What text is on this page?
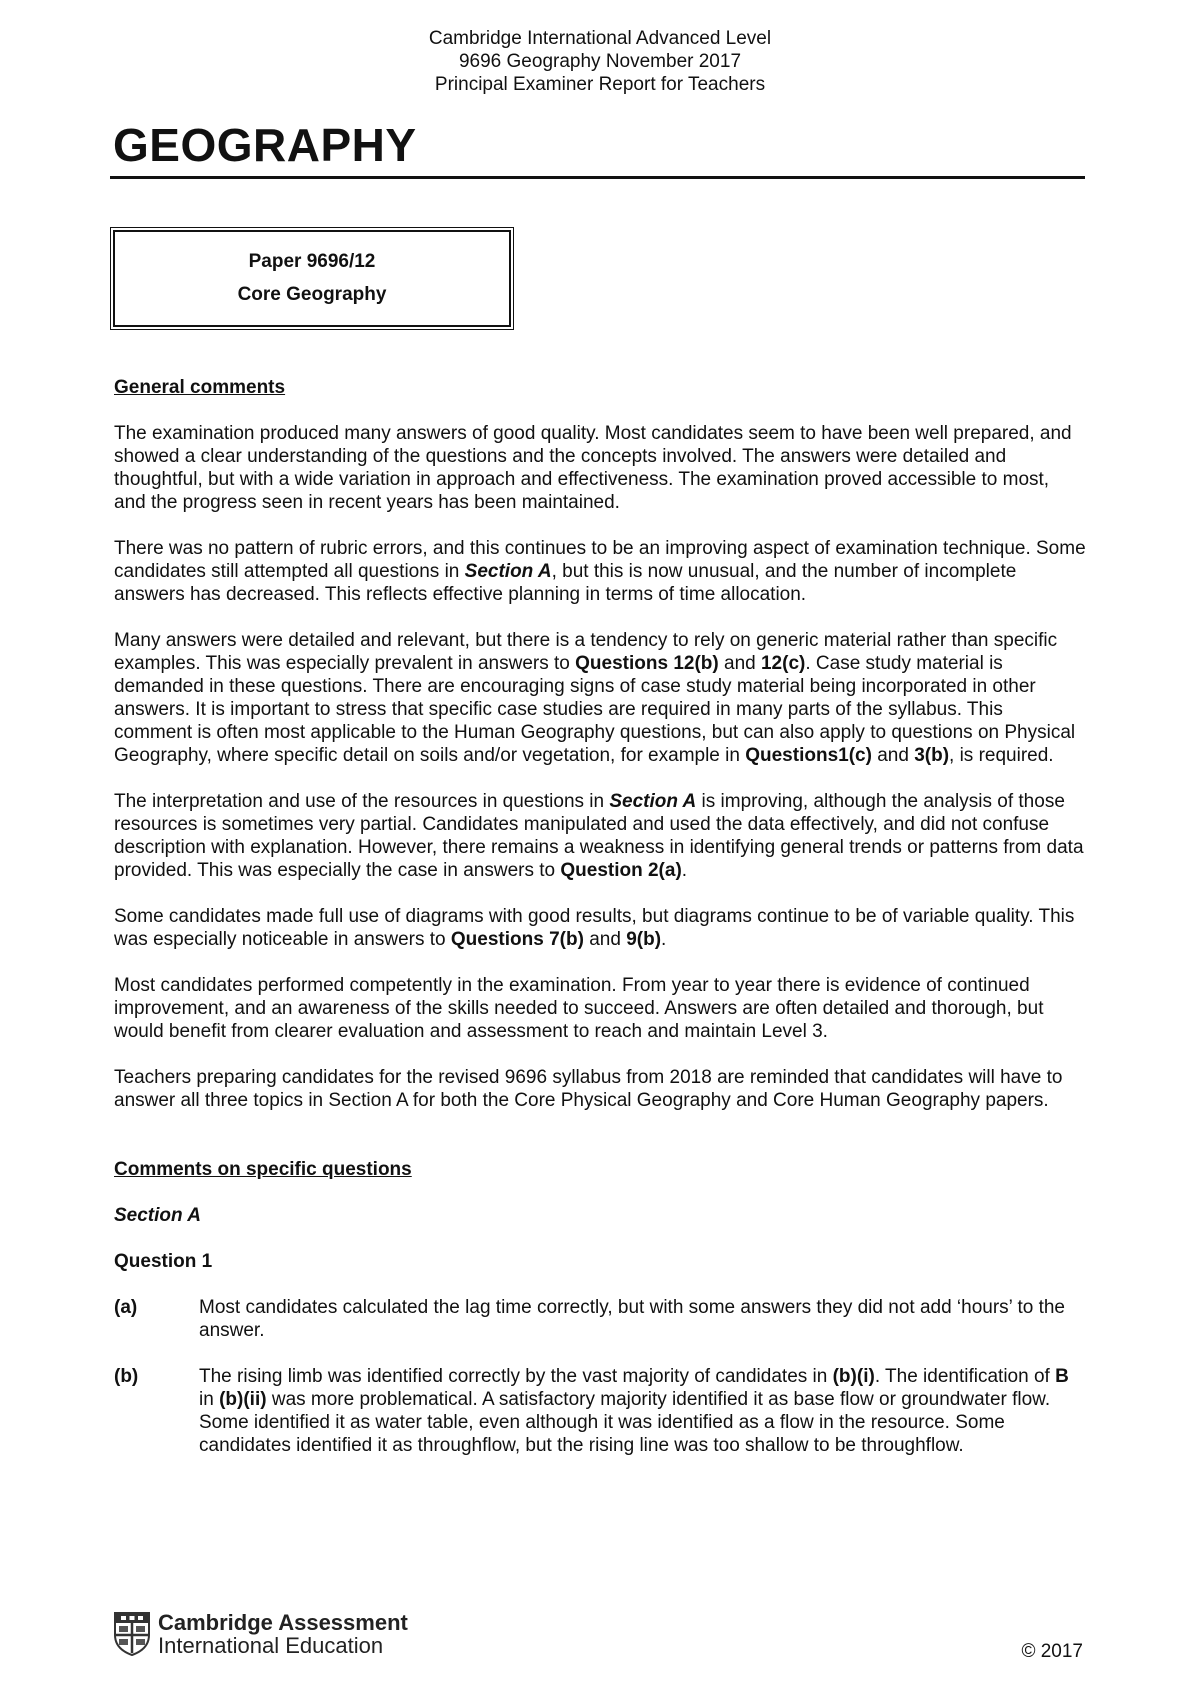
Cambridge International Advanced Level
9696 Geography November 2017
Principal Examiner Report for Teachers
GEOGRAPHY
Paper 9696/12
Core Geography
General comments

The examination produced many answers of good quality. Most candidates seem to have been well prepared, and showed a clear understanding of the questions and the concepts involved. The answers were detailed and thoughtful, but with a wide variation in approach and effectiveness. The examination proved accessible to most, and the progress seen in recent years has been maintained.

There was no pattern of rubric errors, and this continues to be an improving aspect of examination technique. Some candidates still attempted all questions in Section A, but this is now unusual, and the number of incomplete answers has decreased. This reflects effective planning in terms of time allocation.

Many answers were detailed and relevant, but there is a tendency to rely on generic material rather than specific examples. This was especially prevalent in answers to Questions 12(b) and 12(c). Case study material is demanded in these questions. There are encouraging signs of case study material being incorporated in other answers. It is important to stress that specific case studies are required in many parts of the syllabus. This comment is often most applicable to the Human Geography questions, but can also apply to questions on Physical Geography, where specific detail on soils and/or vegetation, for example in Questions1(c) and 3(b), is required.

The interpretation and use of the resources in questions in Section A is improving, although the analysis of those resources is sometimes very partial. Candidates manipulated and used the data effectively, and did not confuse description with explanation. However, there remains a weakness in identifying general trends or patterns from data provided. This was especially the case in answers to Question 2(a).

Some candidates made full use of diagrams with good results, but diagrams continue to be of variable quality. This was especially noticeable in answers to Questions 7(b) and 9(b).

Most candidates performed competently in the examination. From year to year there is evidence of continued improvement, and an awareness of the skills needed to succeed. Answers are often detailed and thorough, but would benefit from clearer evaluation and assessment to reach and maintain Level 3.

Teachers preparing candidates for the revised 9696 syllabus from 2018 are reminded that candidates will have to answer all three topics in Section A for both the Core Physical Geography and Core Human Geography papers.

Comments on specific questions
Section A
Question 1
(a)	Most candidates calculated the lag time correctly, but with some answers they did not add ‘hours’ to the answer.
(b)	The rising limb was identified correctly by the vast majority of candidates in (b)(i). The identification of B in (b)(ii) was more problematical. A satisfactory majority identified it as base flow or groundwater flow. Some identified it as water table, even although it was identified as a flow in the resource. Some candidates identified it as throughflow, but the rising line was too shallow to be throughflow.
Cambridge Assessment
International Education	© 2017
